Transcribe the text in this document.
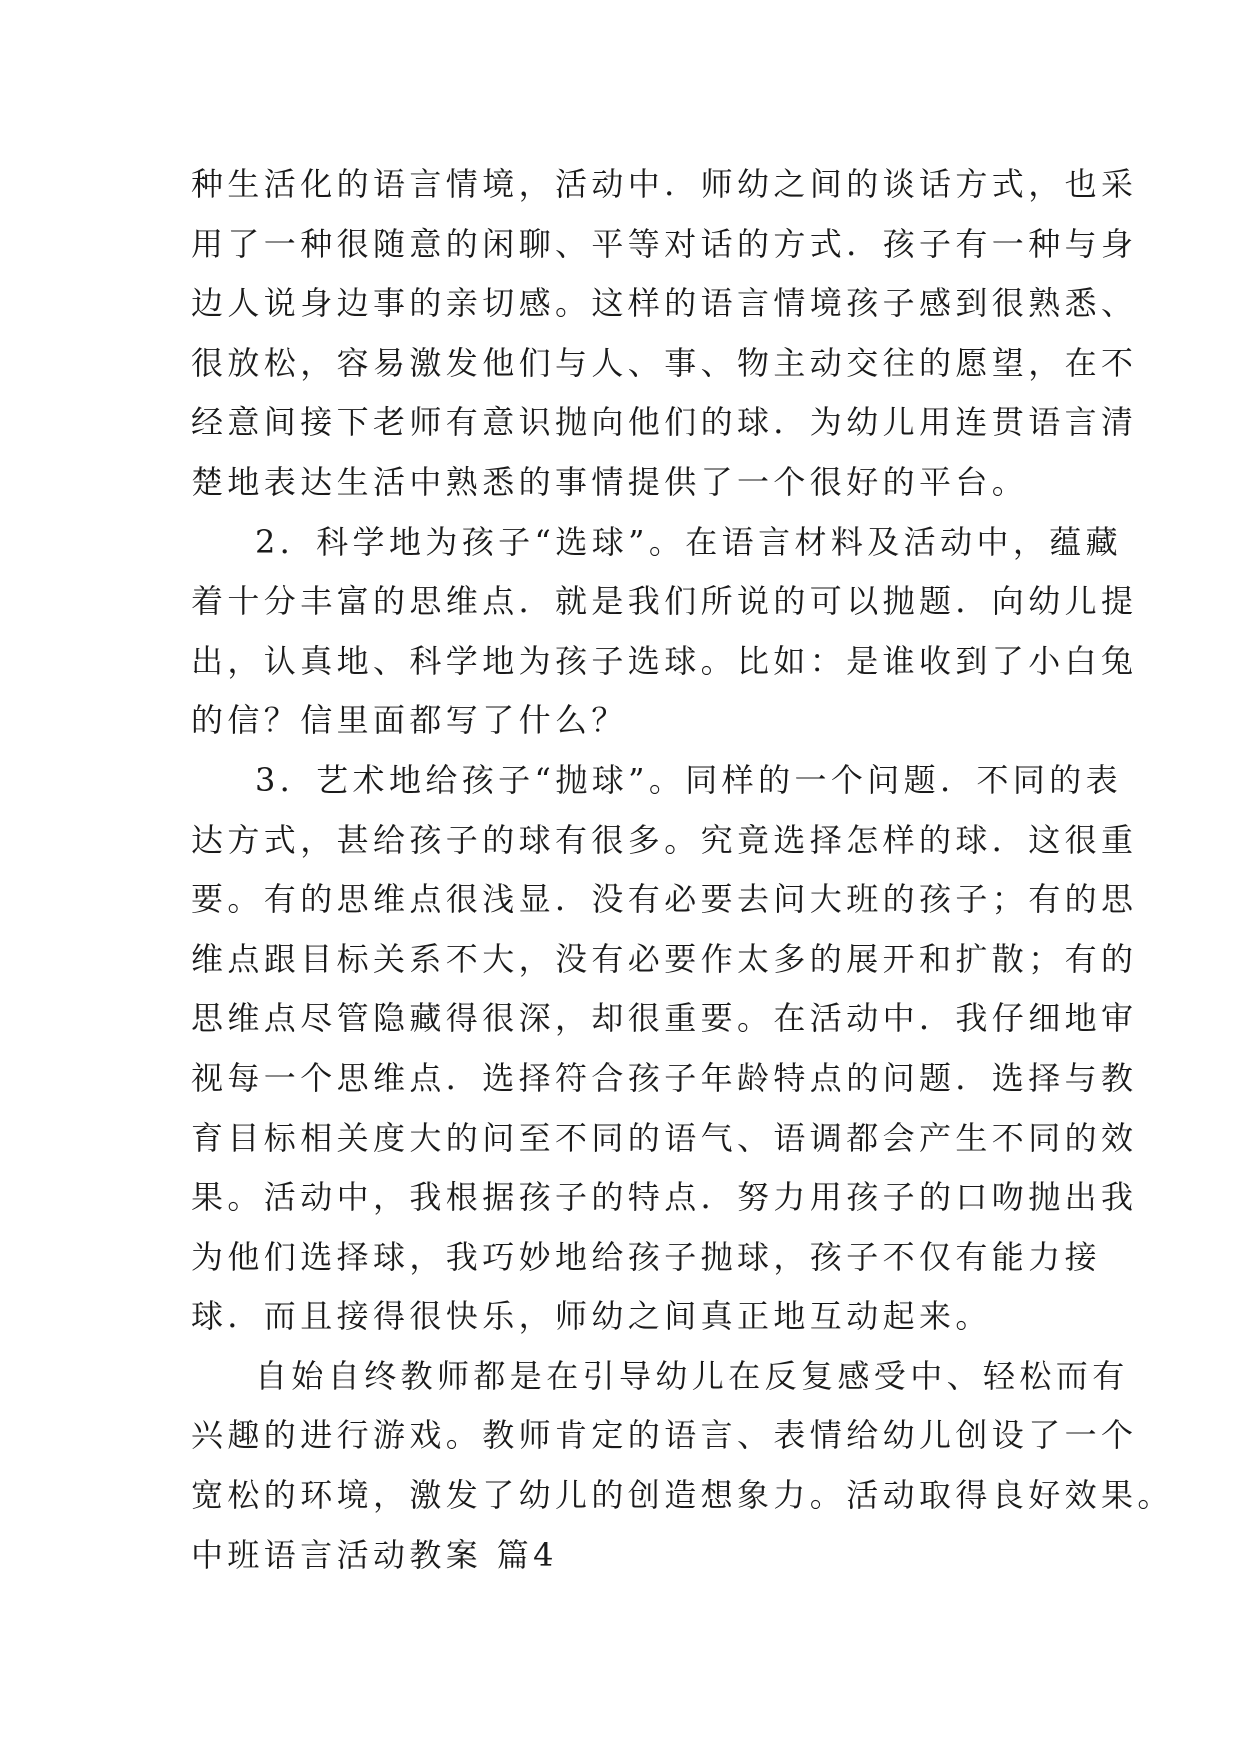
种生活化的语言情境，活动中．师幼之间的谈话方式，也采
用了一种很随意的闲聊、平等对话的方式．孩子有一种与身
边人说身边事的亲切感。这样的语言情境孩子感到很熟悉、
很放松，容易激发他们与人、事、物主动交往的愿望，在不
经意间接下老师有意识抛向他们的球．为幼儿用连贯语言清
楚地表达生活中熟悉的事情提供了一个很好的平台。
2．科学地为孩子“选球”。在语言材料及活动中，蕴藏
着十分丰富的思维点．就是我们所说的可以抛题．向幼儿提
出，认真地、科学地为孩子选球。比如：是谁收到了小白兔
的信？信里面都写了什么？
3．艺术地给孩子“抛球”。同样的一个问题．不同的表
达方式，甚给孩子的球有很多。究竟选择怎样的球．这很重
要。有的思维点很浅显．没有必要去问大班的孩子；有的思
维点跟目标关系不大，没有必要作太多的展开和扩散；有的
思维点尽管隐藏得很深，却很重要。在活动中．我仔细地审
视每一个思维点．选择符合孩子年龄特点的问题．选择与教
育目标相关度大的问至不同的语气、语调都会产生不同的效
果。活动中，我根据孩子的特点．努力用孩子的口吻抛出我
为他们选择球，我巧妙地给孩子抛球，孩子不仅有能力接
球．而且接得很快乐，师幼之间真正地互动起来。
自始自终教师都是在引导幼儿在反复感受中、轻松而有
兴趣的进行游戏。教师肯定的语言、表情给幼儿创设了一个
宽松的环境，激发了幼儿的创造想象力。活动取得良好效果。
中班语言活动教案 篇4
